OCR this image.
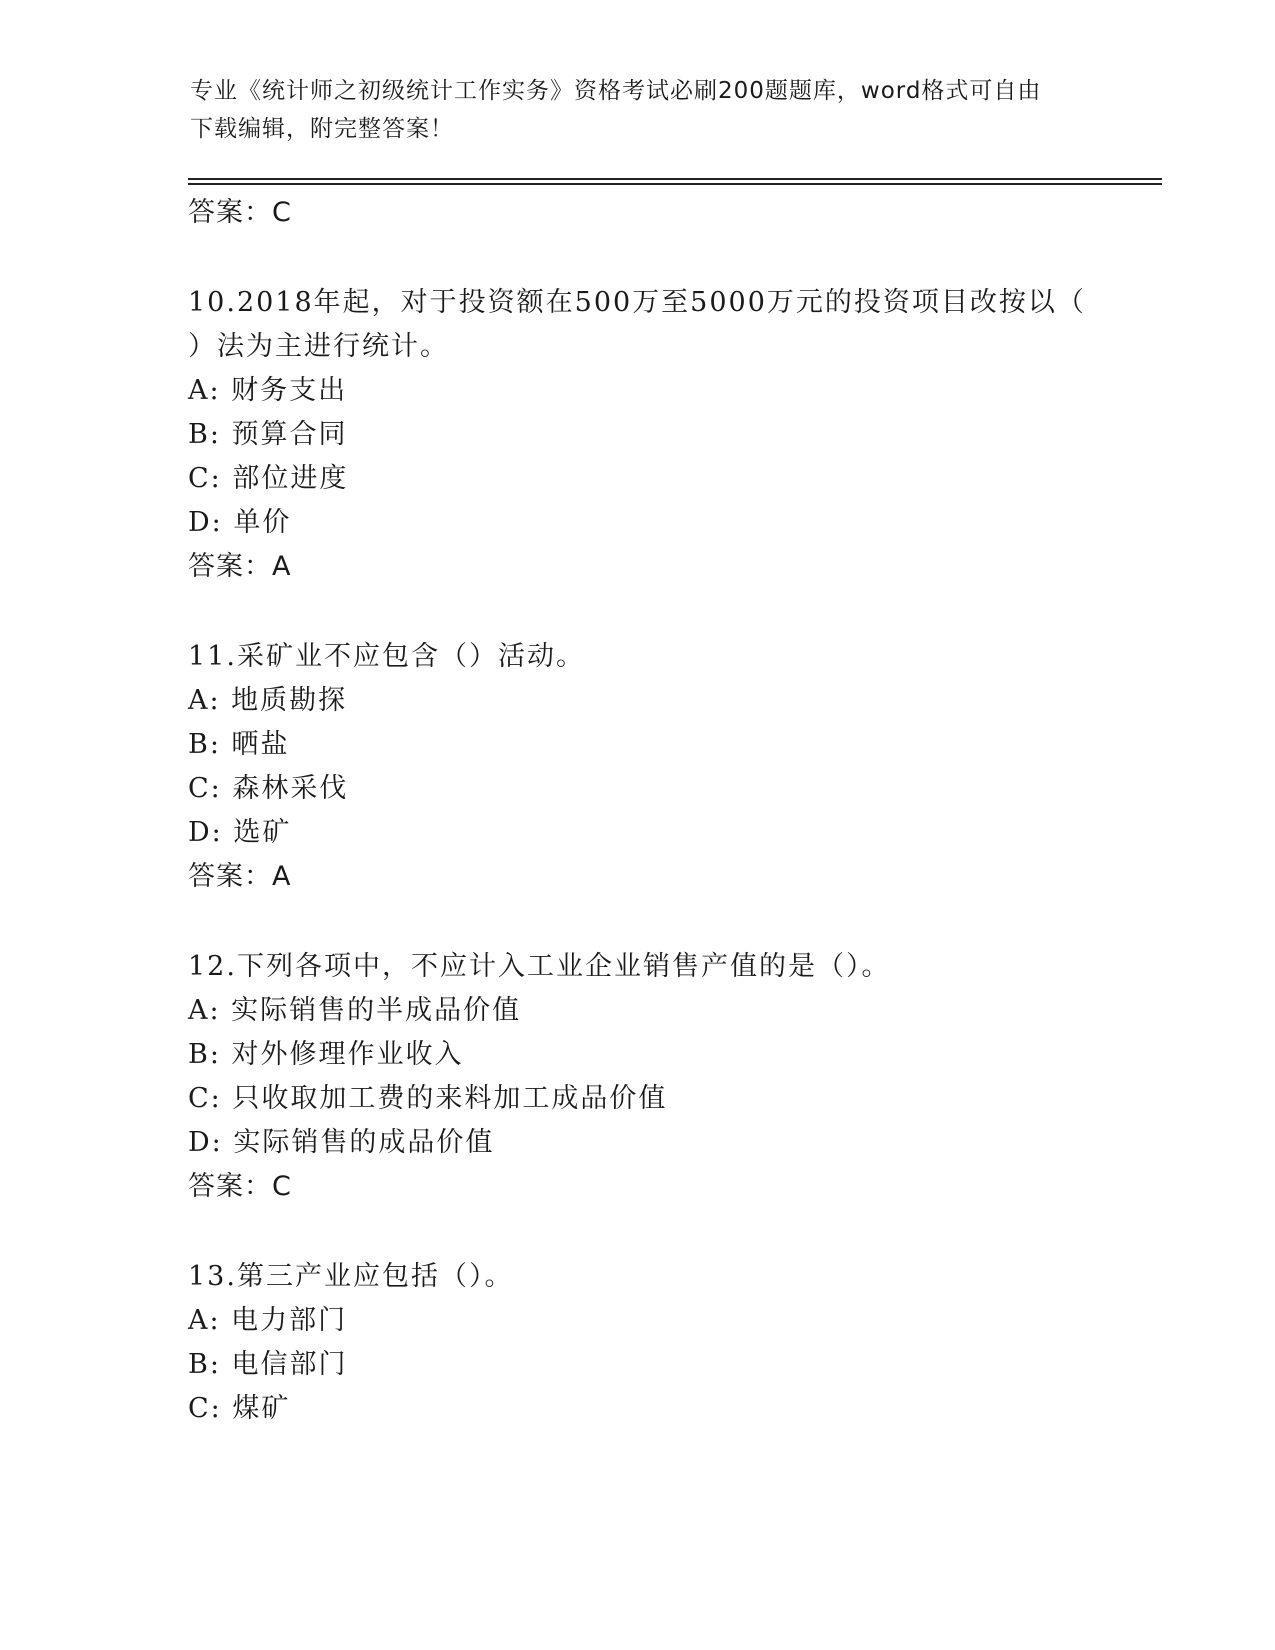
专业《统计师之初级统计工作实务》资格考试必刷200题题库，word格式可自由
下载编辑，附完整答案！
答案：C
10.2018年起，对于投资额在500万至5000万元的投资项目改按以（
）法为主进行统计。
A: 财务支出
B: 预算合同
C: 部位进度
D: 单价
答案：A
11.采矿业不应包含（）活动。
A: 地质勘探
B: 晒盐
C: 森林采伐
D: 选矿
答案：A
12.下列各项中，不应计入工业企业销售产值的是（）。
A: 实际销售的半成品价值
B: 对外修理作业收入
C: 只收取加工费的来料加工成品价值
D: 实际销售的成品价值
答案：C
13.第三产业应包括（）。
A: 电力部门
B: 电信部门
C: 煤矿
